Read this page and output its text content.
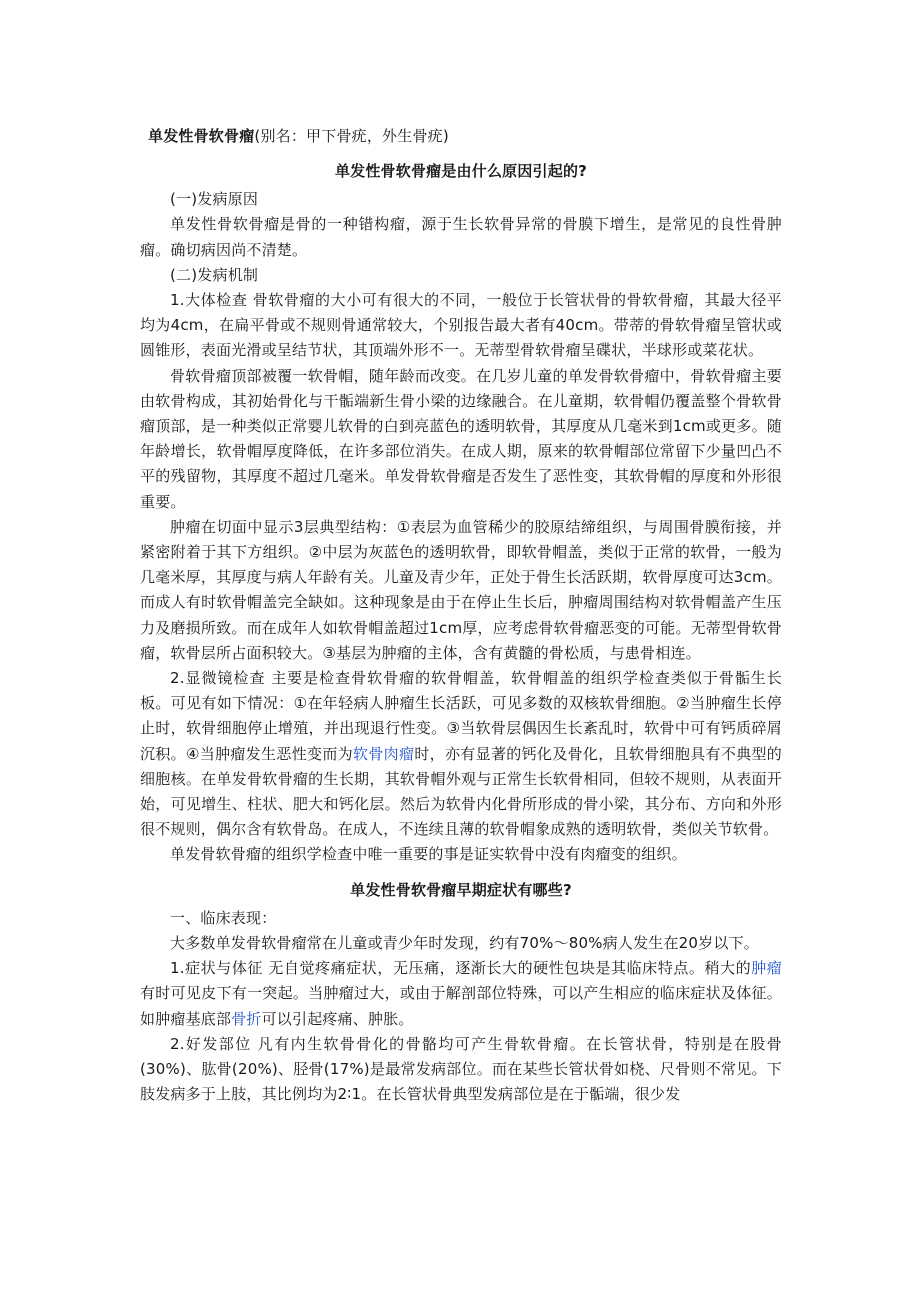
单发性骨软骨瘤(别名：甲下骨疣，外生骨疣)
单发性骨软骨瘤是由什么原因引起的?

(一)发病原因

单发性骨软骨瘤是骨的一种错构瘤，源于生长软骨异常的骨膜下增生，是常见的良性骨肿瘤。确切病因尚不清楚。

(二)发病机制

1.大体检查 骨软骨瘤的大小可有很大的不同，一般位于长管状骨的骨软骨瘤，其最大径平均为4cm，在扁平骨或不规则骨通常较大，个别报告最大者有40cm。带蒂的骨软骨瘤呈管状或圆锥形，表面光滑或呈结节状，其顶端外形不一。无蒂型骨软骨瘤呈碟状，半球形或菜花状。

骨软骨瘤顶部被覆一软骨帽，随年龄而改变。在几岁儿童的单发骨软骨瘤中，骨软骨瘤主要由软骨构成，其初始骨化与干骺端新生骨小梁的边缘融合。在儿童期，软骨帽仍覆盖整个骨软骨瘤顶部，是一种类似正常婴儿软骨的白到亮蓝色的透明软骨，其厚度从几毫米到1cm或更多。随年龄增长，软骨帽厚度降低，在许多部位消失。在成人期，原来的软骨帽部位常留下少量凹凸不平的残留物，其厚度不超过几毫米。单发骨软骨瘤是否发生了恶性变，其软骨帽的厚度和外形很重要。

肿瘤在切面中显示3层典型结构：①表层为血管稀少的胶原结缔组织，与周围骨膜衔接，并紧密附着于其下方组织。②中层为灰蓝色的透明软骨，即软骨帽盖，类似于正常的软骨，一般为几毫米厚，其厚度与病人年龄有关。儿童及青少年，正处于骨生长活跃期，软骨厚度可达3cm。而成人有时软骨帽盖完全缺如。这种现象是由于在停止生长后，肿瘤周围结构对软骨帽盖产生压力及磨损所致。而在成年人如软骨帽盖超过1cm厚，应考虑骨软骨瘤恶变的可能。无蒂型骨软骨瘤，软骨层所占面积较大。③基层为肿瘤的主体，含有黄髓的骨松质，与患骨相连。

2.显微镜检查 主要是检查骨软骨瘤的软骨帽盖，软骨帽盖的组织学检查类似于骨骺生长板。可见有如下情况：①在年轻病人肿瘤生长活跃，可见多数的双核软骨细胞。②当肿瘤生长停止时，软骨细胞停止增殖，并出现退行性变。③当软骨层偶因生长紊乱时，软骨中可有钙质碎屑沉积。④当肿瘤发生恶性变而为软骨肉瘤时，亦有显著的钙化及骨化，且软骨细胞具有不典型的细胞核。在单发骨软骨瘤的生长期，其软骨帽外观与正常生长软骨相同，但较不规则，从表面开始，可见增生、柱状、肥大和钙化层。然后为软骨内化骨所形成的骨小梁，其分布、方向和外形很不规则，偶尔含有软骨岛。在成人，不连续且薄的软骨帽象成熟的透明软骨，类似关节软骨。

单发骨软骨瘤的组织学检查中唯一重要的事是证实软骨中没有肉瘤变的组织。

单发性骨软骨瘤早期症状有哪些?

一、临床表现：

大多数单发骨软骨瘤常在儿童或青少年时发现，约有70%～80%病人发生在20岁以下。

1.症状与体征 无自觉疼痛症状，无压痛，逐渐长大的硬性包块是其临床特点。稍大的肿瘤有时可见皮下有一突起。当肿瘤过大，或由于解剖部位特殊，可以产生相应的临床症状及体征。如肿瘤基底部骨折可以引起疼痛、肿胀。

2.好发部位 凡有内生软骨骨化的骨骼均可产生骨软骨瘤。在长管状骨，特别是在股骨(30%)、肱骨(20%)、胫骨(17%)是最常发病部位。而在某些长管状骨如桡、尺骨则不常见。下肢发病多于上肢，其比例均为2∶1。在长管状骨典型发病部位是在于骺端，很少发
